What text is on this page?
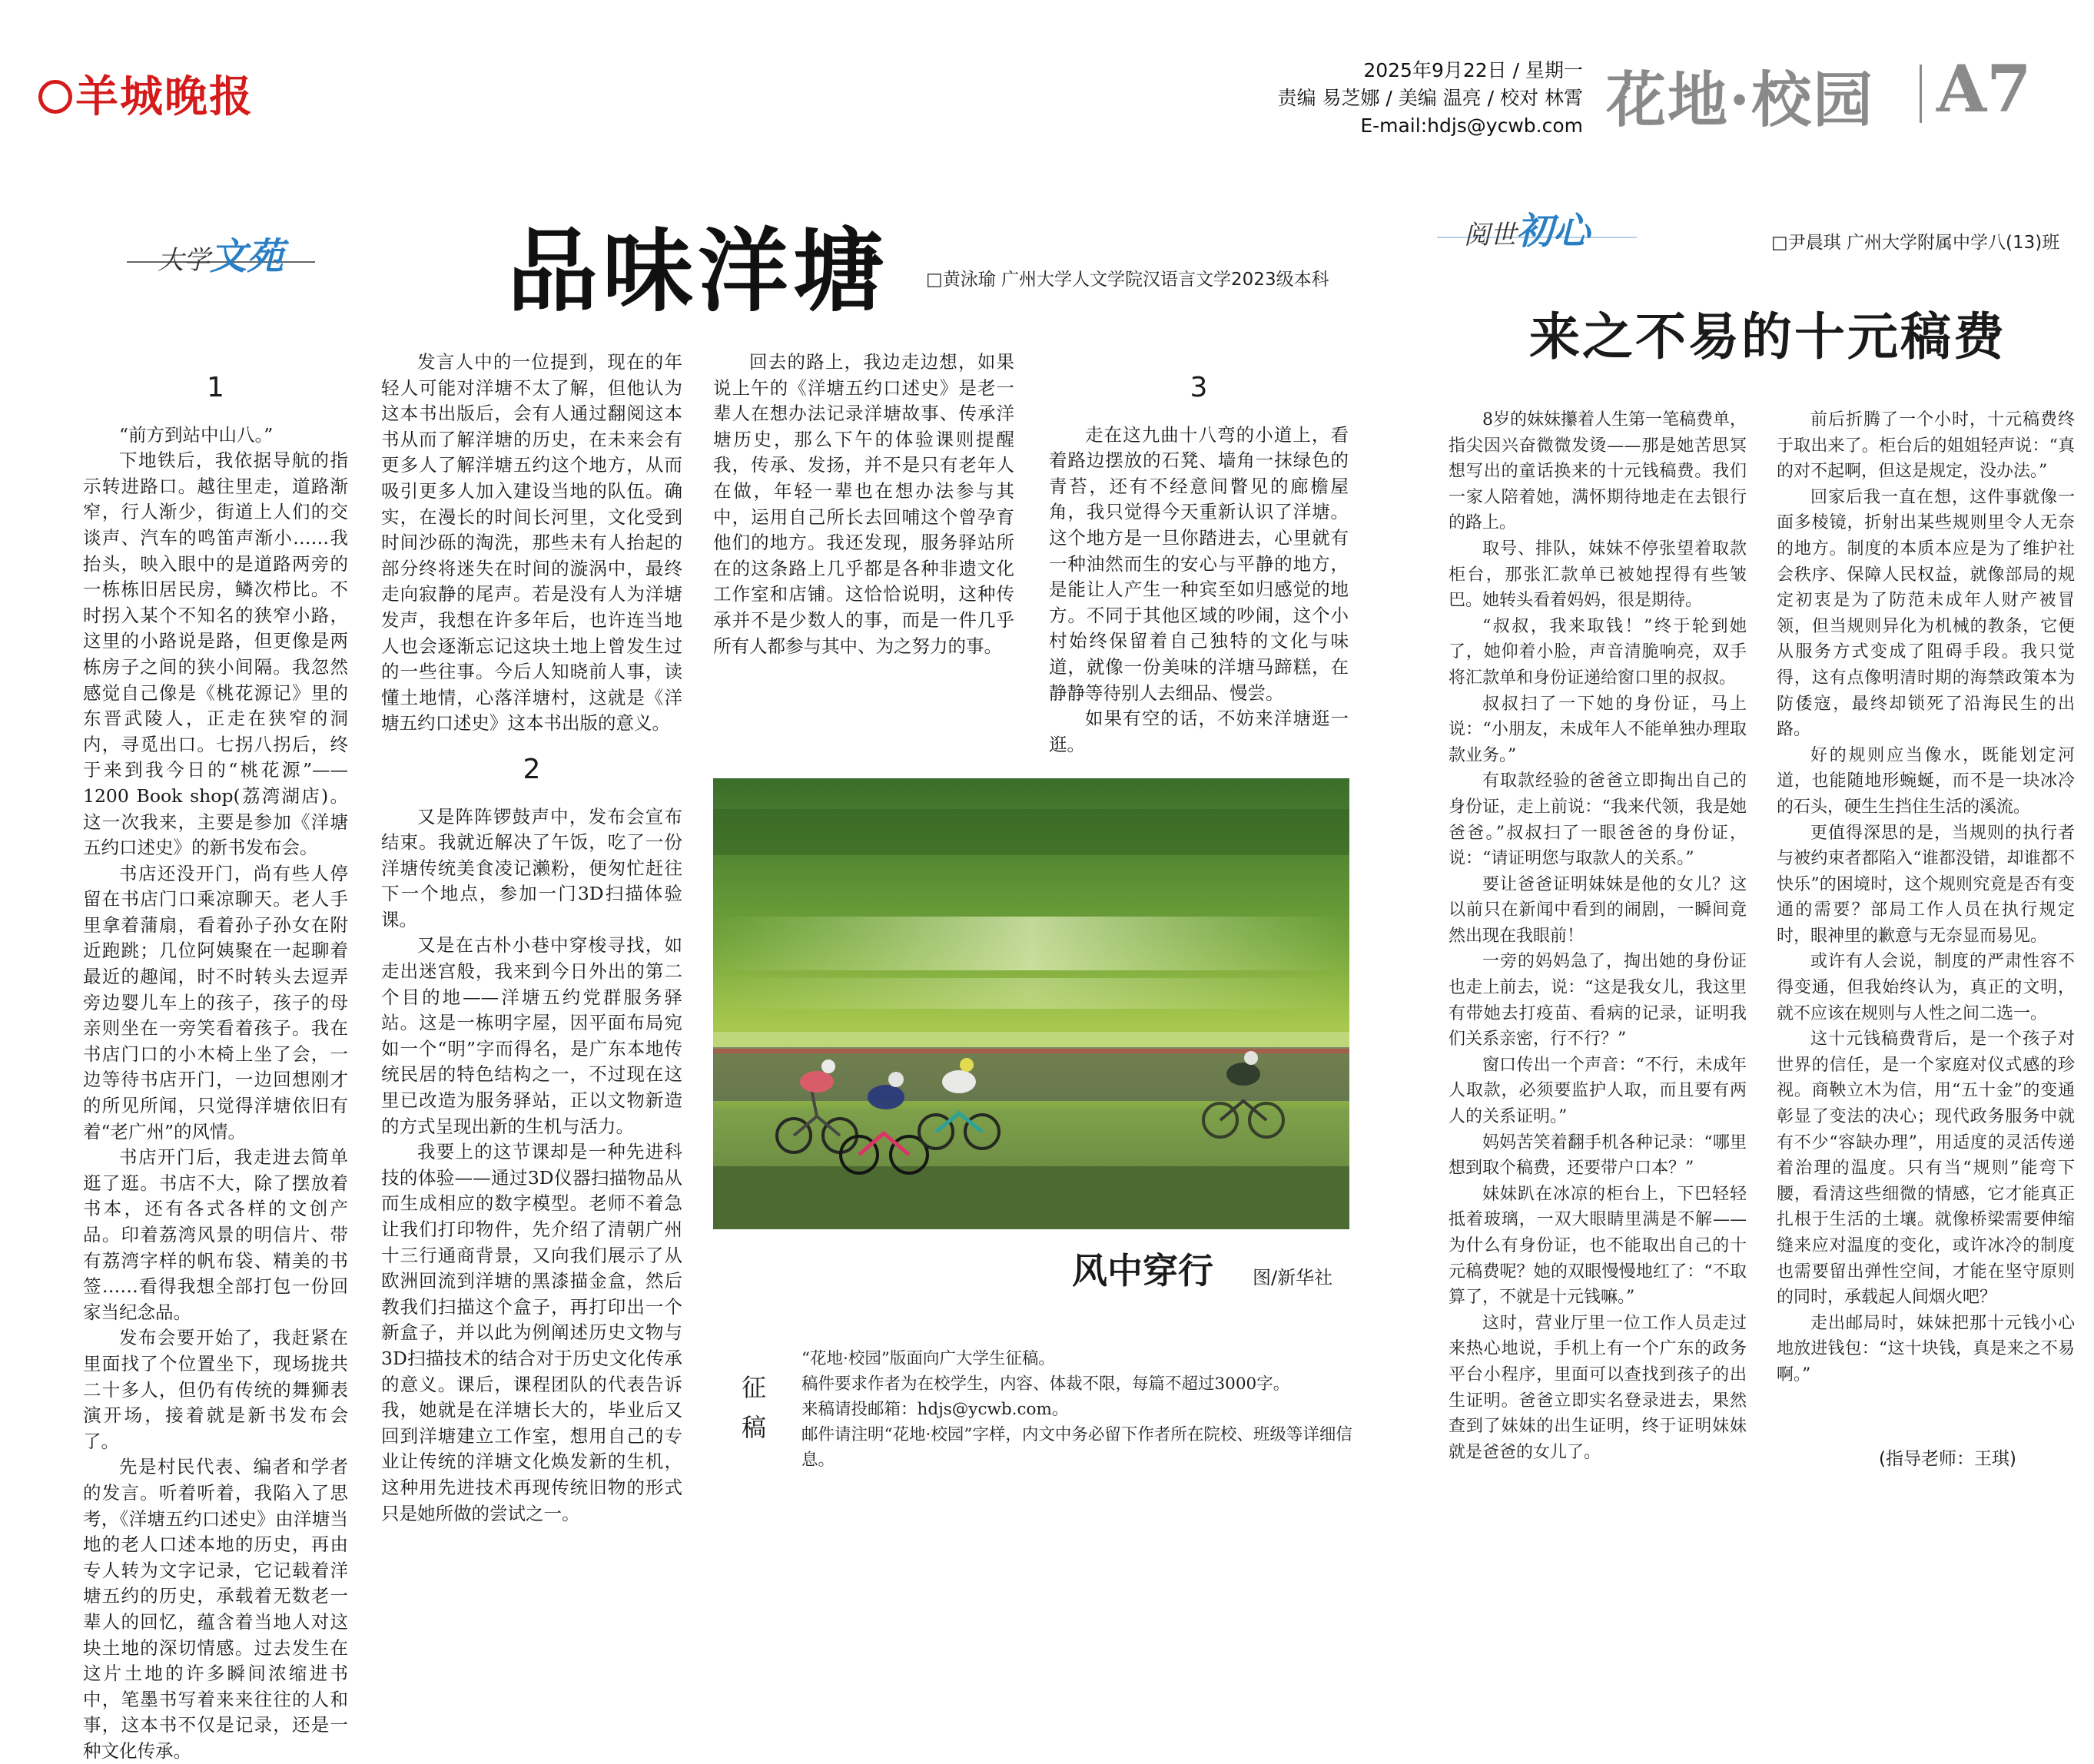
羊城晚报
2025年9月22日 / 星期一
责编 易芝娜 / 美编 温亮 / 校对 林霄
E-mail:hdjs@ycwb.com 花地·校园 A7
大学文苑	阅世初心
品味洋塘 □黄泳瑜 广州大学人文学院汉语言文学2023级本科
1

“前方到站中山八。”

下地铁后，我依据导航的指示转进路口。越往里走，道路渐窄，行人渐少，街道上人们的交谈声、汽车的鸣笛声渐小……我抬头，映入眼中的是道路两旁的一栋栋旧居民房，鳞次栉比。不时拐入某个不知名的狭窄小路，这里的小路说是路，但更像是两栋房子之间的狭小间隔。我忽然感觉自己像是《桃花源记》里的东晋武陵人，正走在狭窄的洞内，寻觅出口。七拐八拐后，终于来到我今日的“桃花源”——1200 Book shop(荔湾湖店)。这一次我来，主要是参加《洋塘五约口述史》的新书发布会。

书店还没开门，尚有些人停留在书店门口乘凉聊天。老人手里拿着蒲扇，看着孙子孙女在附近跑跳；几位阿姨聚在一起聊着最近的趣闻，时不时转头去逗弄旁边婴儿车上的孩子，孩子的母亲则坐在一旁笑看着孩子。我在书店门口的小木椅上坐了会，一边等待书店开门，一边回想刚才的所见所闻，只觉得洋塘依旧有着“老广州”的风情。

书店开门后，我走进去简单逛了逛。书店不大，除了摆放着书本，还有各式各样的文创产品。印着荔湾风景的明信片、带有荔湾字样的帆布袋、精美的书签……看得我想全部打包一份回家当纪念品。

发布会要开始了，我赶紧在里面找了个位置坐下，现场拢共二十多人，但仍有传统的舞狮表演开场，接着就是新书发布会了。

先是村民代表、编者和学者的发言。听着听着，我陷入了思考，《洋塘五约口述史》由洋塘当地的老人口述本地的历史，再由专人转为文字记录，它记载着洋塘五约的历史，承载着无数老一辈人的回忆，蕴含着当地人对这块土地的深切情感。过去发生在这片土地的许多瞬间浓缩进书中，笔墨书写着来来往往的人和事，这本书不仅是记录，还是一种文化传承。

发言人中的一位提到，现在的年轻人可能对洋塘不太了解，但他认为这本书出版后，会有人通过翻阅这本书从而了解洋塘的历史，在未来会有更多人了解洋塘五约这个地方，从而吸引更多人加入建设当地的队伍。确实，在漫长的时间长河里，文化受到时间沙砾的淘洗，那些未有人抬起的部分终将迷失在时间的漩涡中，最终走向寂静的尾声。若是没有人为洋塘发声，我想在许多年后，也许连当地人也会逐渐忘记这块土地上曾发生过的一些往事。今后人知晓前人事，读懂土地情，心落洋塘村，这就是《洋塘五约口述史》这本书出版的意义。

2

又是阵阵锣鼓声中，发布会宣布结束。我就近解决了午饭，吃了一份洋塘传统美食凌记濑粉，便匆忙赶往下一个地点，参加一门3D扫描体验课。

又是在古朴小巷中穿梭寻找，如走出迷宫般，我来到今日外出的第二个目的地——洋塘五约党群服务驿站。这是一栋明字屋，因平面布局宛如一个“明”字而得名，是广东本地传统民居的特色结构之一，不过现在这里已改造为服务驿站，正以文物新造的方式呈现出新的生机与活力。

我要上的这节课却是一种先进科技的体验——通过3D仪器扫描物品从而生成相应的数字模型。老师不着急让我们打印物件，先介绍了清朝广州十三行通商背景，又向我们展示了从欧洲回流到洋塘的黑漆描金盒，然后教我们扫描这个盒子，再打印出一个新盒子，并以此为例阐述历史文物与3D扫描技术的结合对于历史文化传承的意义。课后，课程团队的代表告诉我，她就是在洋塘长大的，毕业后又回到洋塘建立工作室，想用自己的专业让传统的洋塘文化焕发新的生机，这种用先进技术再现传统旧物的形式只是她所做的尝试之一。

回去的路上，我边走边想，如果说上午的《洋塘五约口述史》是老一辈人在想办法记录洋塘故事、传承洋塘历史，那么下午的体验课则提醒我，传承、发扬，并不是只有老年人在做，年轻一辈也在想办法参与其中，运用自己所长去回哺这个曾孕育他们的地方。我还发现，服务驿站所在的这条路上几乎都是各种非遗文化工作室和店铺。这恰恰说明，这种传承并不是少数人的事，而是一件几乎所有人都参与其中、为之努力的事。

3

走在这九曲十八弯的小道上，看着路边摆放的石凳、墙角一抹绿色的青苔，还有不经意间瞥见的廊檐屋角，我只觉得今天重新认识了洋塘。这个地方是一旦你踏进去，心里就有一种油然而生的安心与平静的地方，是能让人产生一种宾至如归感觉的地方。不同于其他区域的吵闹，这个小村始终保留着自己独特的文化与味道，就像一份美味的洋塘马蹄糕，在静静等待别人去细品、慢尝。

如果有空的话，不妨来洋塘逛一逛。

风中穿行 图/新华社
征稿

“花地·校园”版面向广大学生征稿。

稿件要求作者为在校学生，内容、体裁不限，每篇不超过3000字。

来稿请投邮箱：hdjs@ycwb.com。

邮件请注明“花地·校园”字样，内文中务必留下作者所在院校、班级等详细信息。

□尹晨琪 广州大学附属中学八(13)班
来之不易的十元稿费

8岁的妹妹攥着人生第一笔稿费单，指尖因兴奋微微发烫——那是她苦思冥想写出的童话换来的十元钱稿费。我们一家人陪着她，满怀期待地走在去银行的路上。

取号、排队，妹妹不停张望着取款柜台，那张汇款单已被她捏得有些皱巴。她转头看着妈妈，很是期待。

“叔叔，我来取钱！”终于轮到她了，她仰着小脸，声音清脆响亮，双手将汇款单和身份证递给窗口里的叔叔。

叔叔扫了一下她的身份证，马上说：“小朋友，未成年人不能单独办理取款业务。”

有取款经验的爸爸立即掏出自己的身份证，走上前说：“我来代领，我是她爸爸。”叔叔扫了一眼爸爸的身份证，说：“请证明您与取款人的关系。”

要让爸爸证明妹妹是他的女儿？这以前只在新闻中看到的闹剧，一瞬间竟然出现在我眼前！

一旁的妈妈急了，掏出她的身份证也走上前去，说：“这是我女儿，我这里有带她去打疫苗、看病的记录，证明我们关系亲密，行不行？”

窗口传出一个声音：“不行，未成年人取款，必须要监护人取，而且要有两人的关系证明。”

妈妈苦笑着翻手机各种记录：“哪里想到取个稿费，还要带户口本？”

妹妹趴在冰凉的柜台上，下巴轻轻抵着玻璃，一双大眼睛里满是不解——为什么有身份证，也不能取出自己的十元稿费呢？她的双眼慢慢地红了：“不取算了，不就是十元钱嘛。”

这时，营业厅里一位工作人员走过来热心地说，手机上有一个广东的政务平台小程序，里面可以查找到孩子的出生证明。爸爸立即实名登录进去，果然查到了妹妹的出生证明，终于证明妹妹就是爸爸的女儿了。

前后折腾了一个小时，十元稿费终于取出来了。柜台后的姐姐轻声说：“真的对不起啊，但这是规定，没办法。”

回家后我一直在想，这件事就像一面多棱镜，折射出某些规则里令人无奈的地方。制度的本质本应是为了维护社会秩序、保障人民权益，就像部局的规定初衷是为了防范未成年人财产被冒领，但当规则异化为机械的教条，它便从服务方式变成了阻碍手段。我只觉得，这有点像明清时期的海禁政策本为防倭寇，最终却锁死了沿海民生的出路。

好的规则应当像水，既能划定河道，也能随地形蜿蜒，而不是一块冰冷的石头，硬生生挡住生活的溪流。

更值得深思的是，当规则的执行者与被约束者都陷入“谁都没错，却谁都不快乐”的困境时，这个规则究竟是否有变通的需要？部局工作人员在执行规定时，眼神里的歉意与无奈显而易见。

或许有人会说，制度的严肃性容不得变通，但我始终认为，真正的文明，就不应该在规则与人性之间二选一。

这十元钱稿费背后，是一个孩子对世界的信任，是一个家庭对仪式感的珍视。商鞅立木为信，用“五十金”的变通彰显了变法的决心；现代政务服务中就有不少“容缺办理”，用适度的灵活传递着治理的温度。只有当“规则”能弯下腰，看清这些细微的情感，它才能真正扎根于生活的土壤。就像桥梁需要伸缩缝来应对温度的变化，或许冰冷的制度也需要留出弹性空间，才能在坚守原则的同时，承载起人间烟火吧？

走出邮局时，妹妹把那十元钱小心地放进钱包：“这十块钱，真是来之不易啊。”

(指导老师：王琪)
